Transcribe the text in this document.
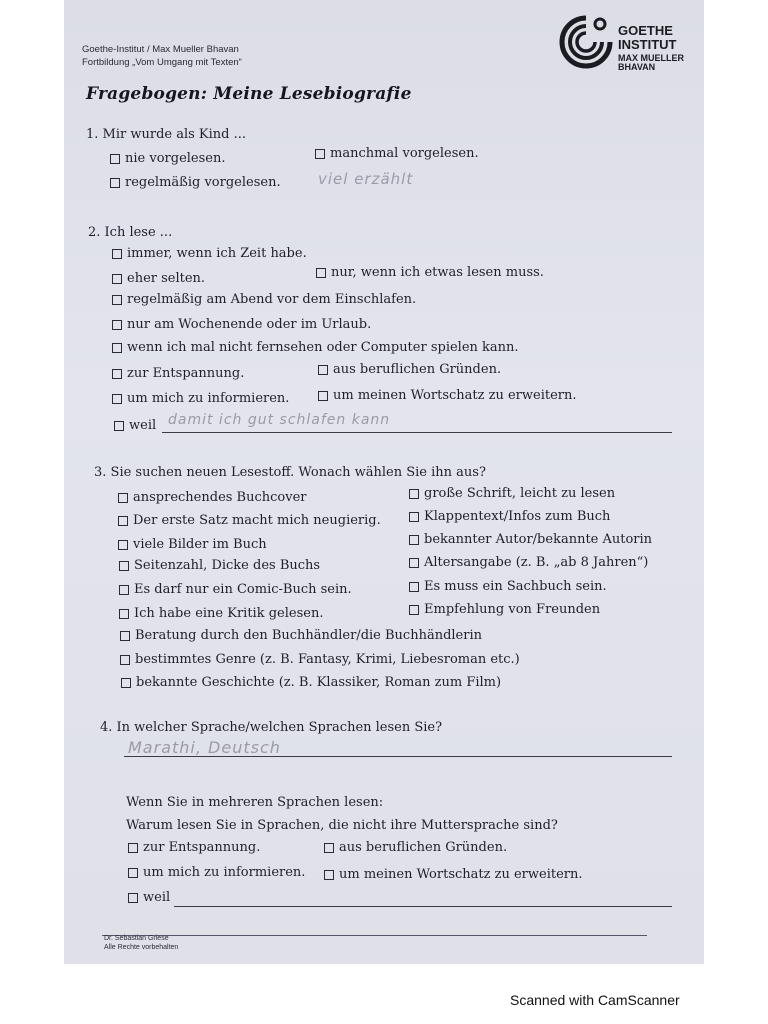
Goethe-Institut / Max Mueller Bhavan
Fortbildung „Vom Umgang mit Texten“
GOETHE
INSTITUT
MAX MUELLER
BHAVAN
Fragebogen: Meine Lesebiografie
1. Mir wurde als Kind ...
nie vorgelesen.	manchmal vorgelesen.
regelmäßig vorgelesen. viel erzählt
2. Ich lese ...
immer, wenn ich Zeit habe.
eher selten.	nur, wenn ich etwas lesen muss.
regelmäßig am Abend vor dem Einschlafen.
nur am Wochenende oder im Urlaub.
wenn ich mal nicht fernsehen oder Computer spielen kann.
zur Entspannung.	aus beruflichen Gründen.
um mich zu informieren.	um meinen Wortschatz zu erweitern.
weil damit ich gut schlafen kann
3. Sie suchen neuen Lesestoff. Wonach wählen Sie ihn aus?
ansprechendes Buchcover	große Schrift, leicht zu lesen
Der erste Satz macht mich neugierig.	Klappentext/Infos zum Buch
viele Bilder im Buch	bekannter Autor/bekannte Autorin
Seitenzahl, Dicke des Buchs	Altersangabe (z. B. „ab 8 Jahren“)
Es darf nur ein Comic-Buch sein.	Es muss ein Sachbuch sein.
Ich habe eine Kritik gelesen.	Empfehlung von Freunden
Beratung durch den Buchhändler/die Buchhändlerin
bestimmtes Genre (z. B. Fantasy, Krimi, Liebesroman etc.)
bekannte Geschichte (z. B. Klassiker, Roman zum Film)
4. In welcher Sprache/welchen Sprachen lesen Sie?
Marathi, Deutsch
Wenn Sie in mehreren Sprachen lesen:
Warum lesen Sie in Sprachen, die nicht ihre Muttersprache sind?
zur Entspannung.	aus beruflichen Gründen.
um mich zu informieren.	um meinen Wortschatz zu erweitern.
weil
Dr. Sebastian Griese
Alle Rechte vorbehalten
Scanned with CamScanner
